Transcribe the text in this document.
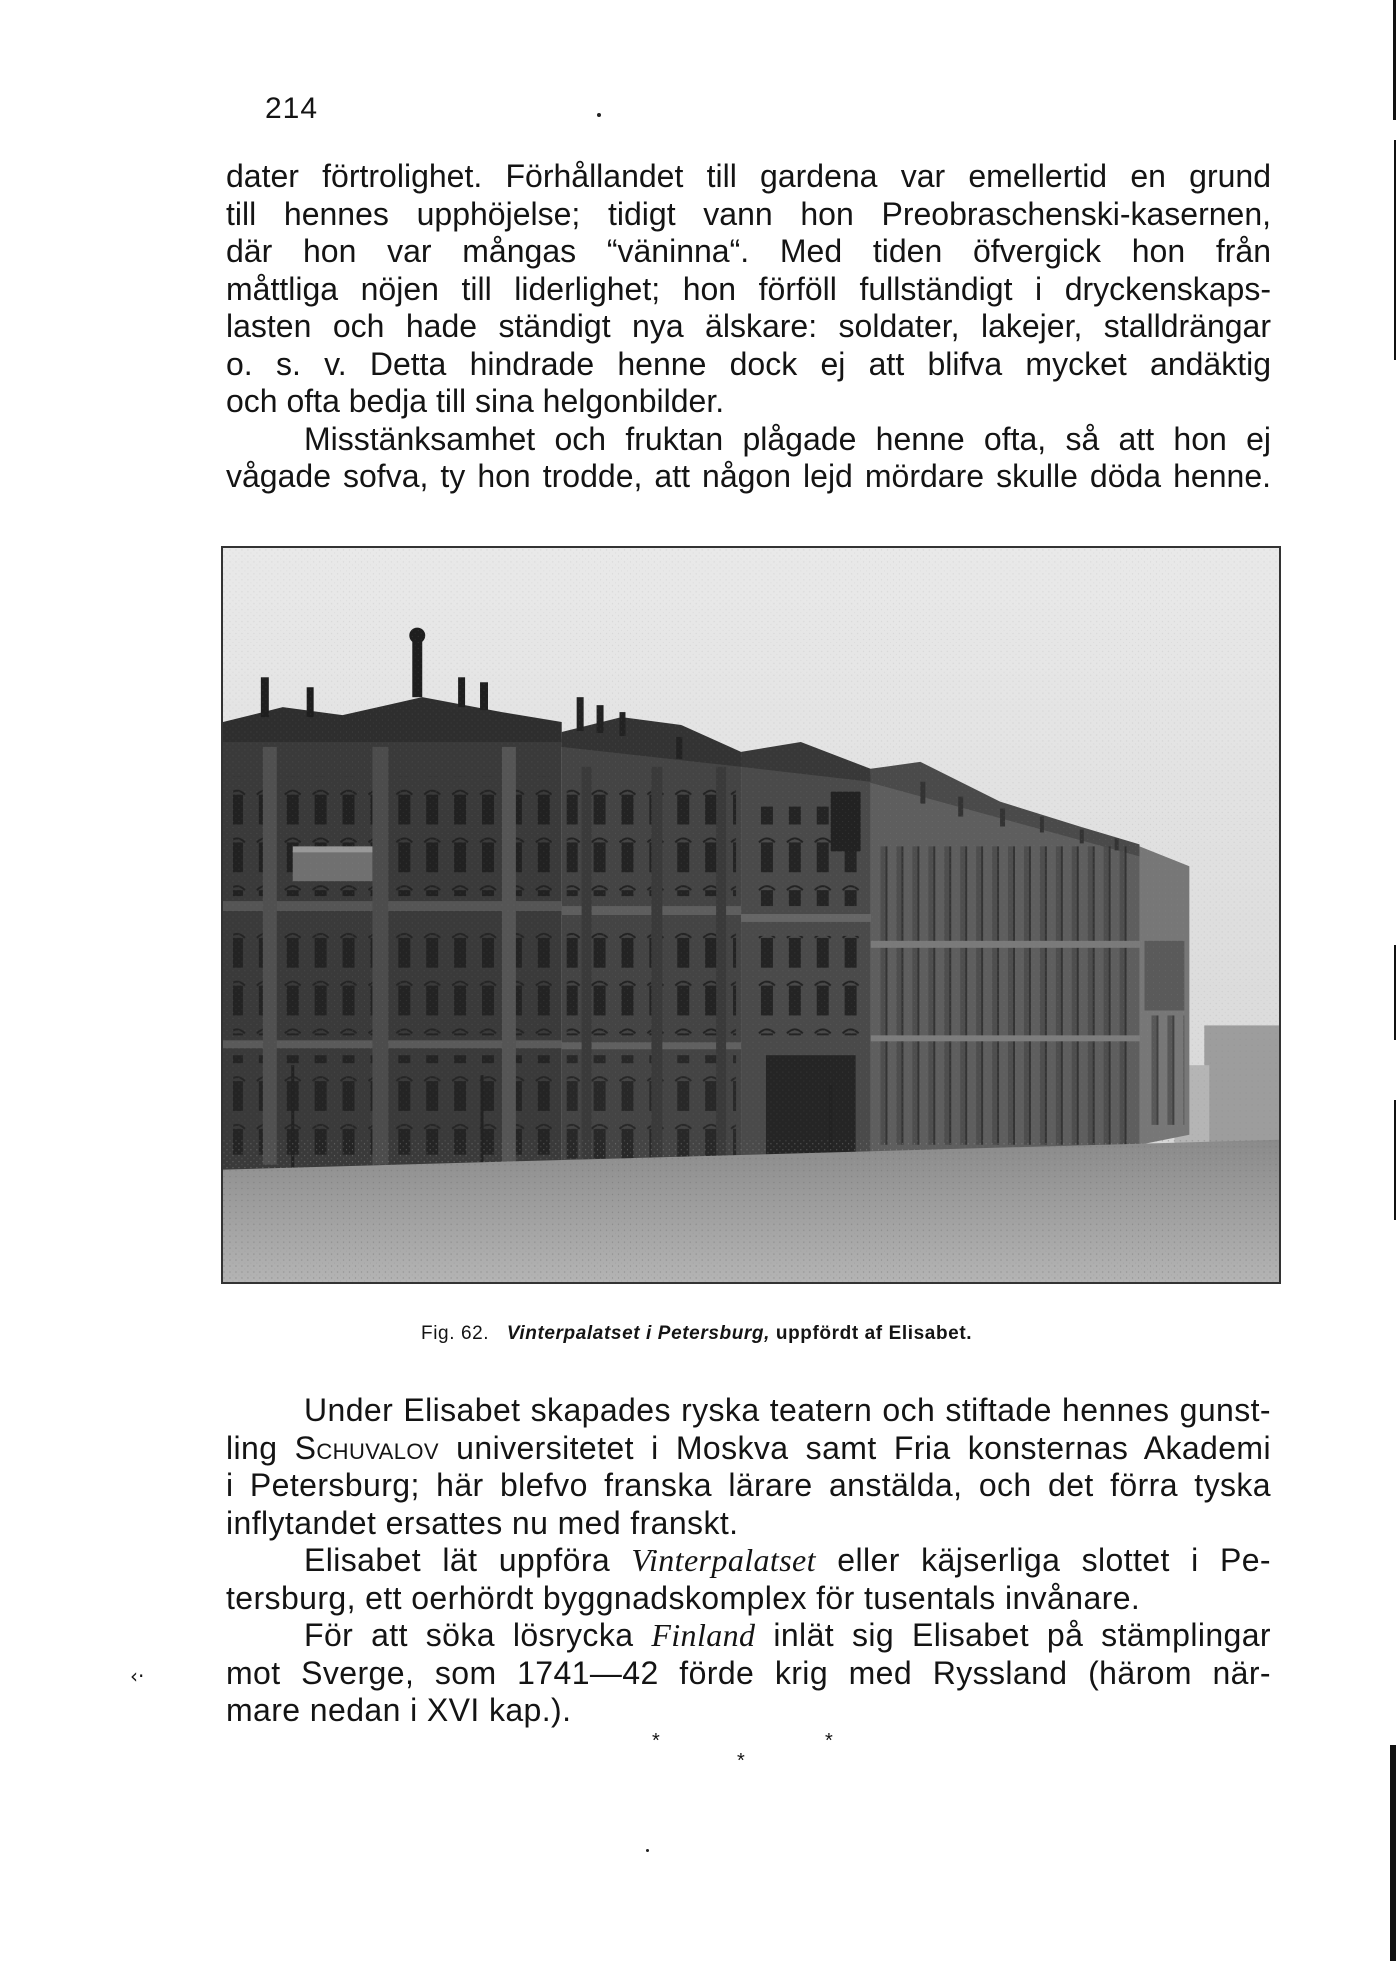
214

dater förtrolighet. Förhållandet till gardena var emellertid en grund
till hennes upphöjelse; tidigt vann hon Preobraschenski-kasernen,
där hon var mångas “väninna“. Med tiden öfvergick hon från
måttliga nöjen till liderlighet; hon förföll fullständigt i dryckenskaps-
lasten och hade ständigt nya älskare: soldater, lakejer, stalldrängar
o. s. v. Detta hindrade henne dock ej att blifva mycket andäktig
och ofta bedja till sina helgonbilder.

Misstänksamhet och fruktan plågade henne ofta, så att hon ej
vågade sofva, ty hon trodde, att någon lejd mördare skulle döda henne.

Fig. 62. Vinterpalatset i Petersburg, uppfördt af Elisabet.

Under Elisabet skapades ryska teatern och stiftade hennes gunst-
ling Schuvalov universitetet i Moskva samt Fria konsternas Akademi
i Petersburg; här blefvo franska lärare anstälda, och det förra tyska
inflytandet ersattes nu med franskt.

Elisabet lät uppföra Vinterpalatset eller käjserliga slottet i Pe-
tersburg, ett oerhördt byggnadskomplex för tusentals invånare.

För att söka lösrycka Finland inlät sig Elisabet på stämplingar
mot Sverge, som 1741—42 förde krig med Ryssland (härom när-
mare nedan i XVI kap.).

*	*
*
‹·
